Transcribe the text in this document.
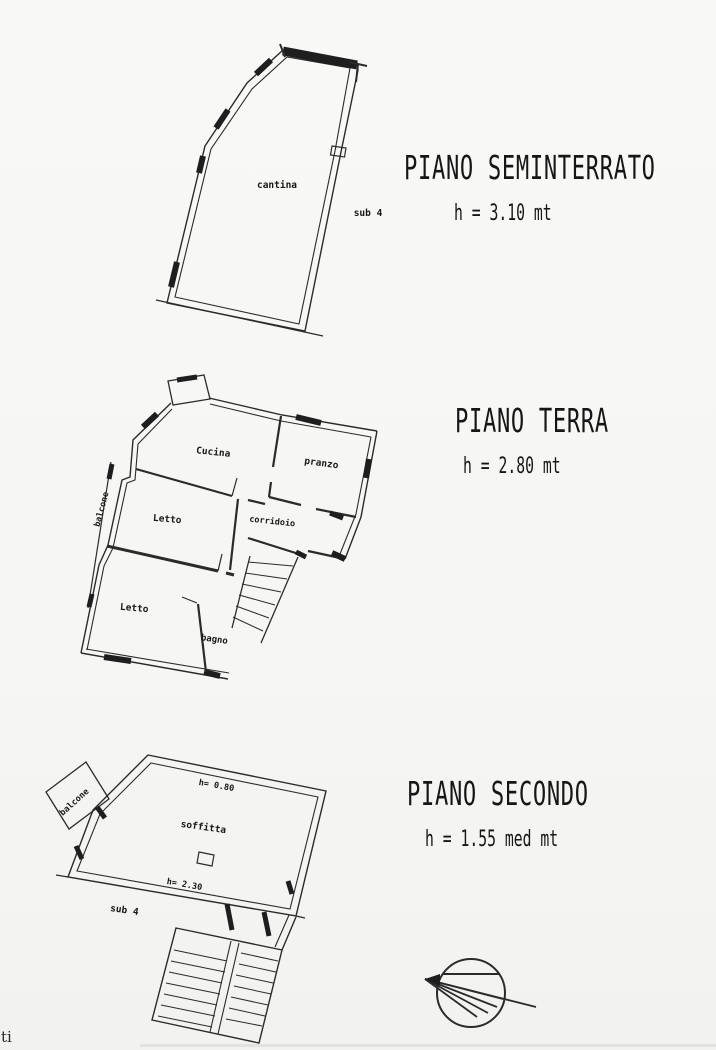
cantina
sub 4
Cucina
pranzo
Letto	corridoio
Letto
bagno
balcone
soffitta
h= 0.80
h= 2.30
sub 4
balcone
PIANO SEMINTERRATO
h = 3.10 mt
PIANO TERRA
h = 2.80 mt
PIANO SECONDO
h = 1.55 med mt
ti
